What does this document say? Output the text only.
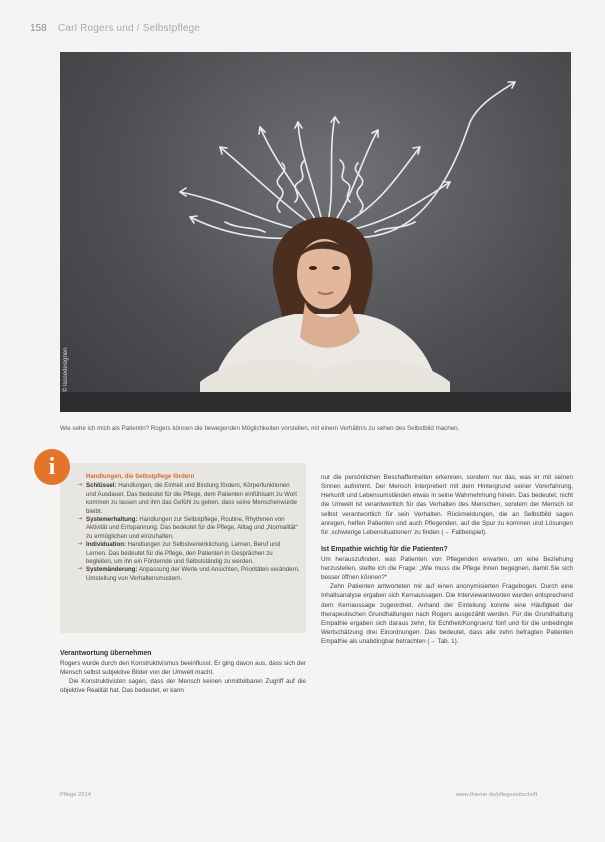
158 Carl Rogers und / Selbstpflege
© lassedesignen
Wie sehe ich mich als Patientin? Rogers können die bewegenden Möglichkeiten vorstellen, mit einem Verhältnis zu sehen des Selbstbild machen.
i	Handlungen, die Selbstpflege fördern

➔ Schlüssel: Handlungen, die Einheit und Bindung fördern, Körperfunktionen und Ausdauer. Das bedeutet für die Pflege, dem Patienten einfühlsam zu Wort kommen zu lassen und ihm das Gefühl zu geben, dass seine Menschenwürde bleibt.

➔ Systemerhaltung: Handlungen zur Selbstpflege, Routine, Rhythmen von Aktivität und Entspannung. Das bedeutet für die Pflege, Alltag und „Normalität“ zu ermöglichen und einzuhalten.

➔ Individuation: Handlungen zur Selbstverwirklichung, Lernen, Beruf und Lernen. Das bedeutet für die Pflege, den Patienten in Gesprächen zu begleiten, um ihn ein Fördernde und Selbstständig zu werden.

➔ Systemänderung: Anpassung der Werte und Ansichten, Prioritäten verändern, Umstellung von Verhaltensmustern.

Verantwortung übernehmen

Rogers wurde durch den Konstruktivismus beeinflusst. Er ging davon aus, dass sich der Mensch selbst subjektive Bilder von der Umwelt macht.

Die Konstruktivisten sagen, dass der Mensch keinen unmittelbaren Zugriff auf die objektive Realität hat. Das bedeutet, er kann

nur die persönlichen Beschaffenheiten erkennen, sondern nur das, was er mit seinen Sinnen aufnimmt. Der Mensch interpretiert mit dem Hintergrund seiner Vorerfahrung, Herkunft und Lebensumständen etwas in seine Wahrnehmung hinein. Das bedeutet, nicht die Umwelt ist verantwortlich für das Verhalten des Menschen, sondern der Mensch ist selbst verantwortlich für sein Verhalten. Rückmeldungen, die an Selbstbild sagen anregen, helfen Patienten und auch Pflegenden, auf die Spur zu kommen und Lösungen für ‚schwierige Lebensituationen‘ zu finden (→ Fallbeispiel).

Ist Empathie wichtig für die Patienten?

Um herauszufinden, was Patienten von Pflegenden erwarten, um eine Beziehung herzustellen, stellte ich die Frage: „Wie muss die Pflege ihnen begegnen, damit Sie sich besser öffnen können?“

Zehn Patienten antworteten mir auf einen anonymisierten Fragebogen. Durch eine Inhaltsanalyse ergaben sich Kernaussagen. Die Interviewantworten wurden entsprechend dem Kernaussage zugeordnet. Anhand der Einteilung konnte eine Häufigkeit der therapeutischen Grundhaltungen nach Rogers ausgezählt werden. Für die Grundhaltung Empathie ergaben sich daraus zehn, für Echtheit/Kongruenz fünf und für die unbedingte Wertschätzung drei Einordnungen. Das bedeutet, dass alle zehn befragten Patienten Empathie als unabdingbar betrachten (→ Tab. 1).

Pflege 2014	www.thieme.de/pflegezeitschrift
